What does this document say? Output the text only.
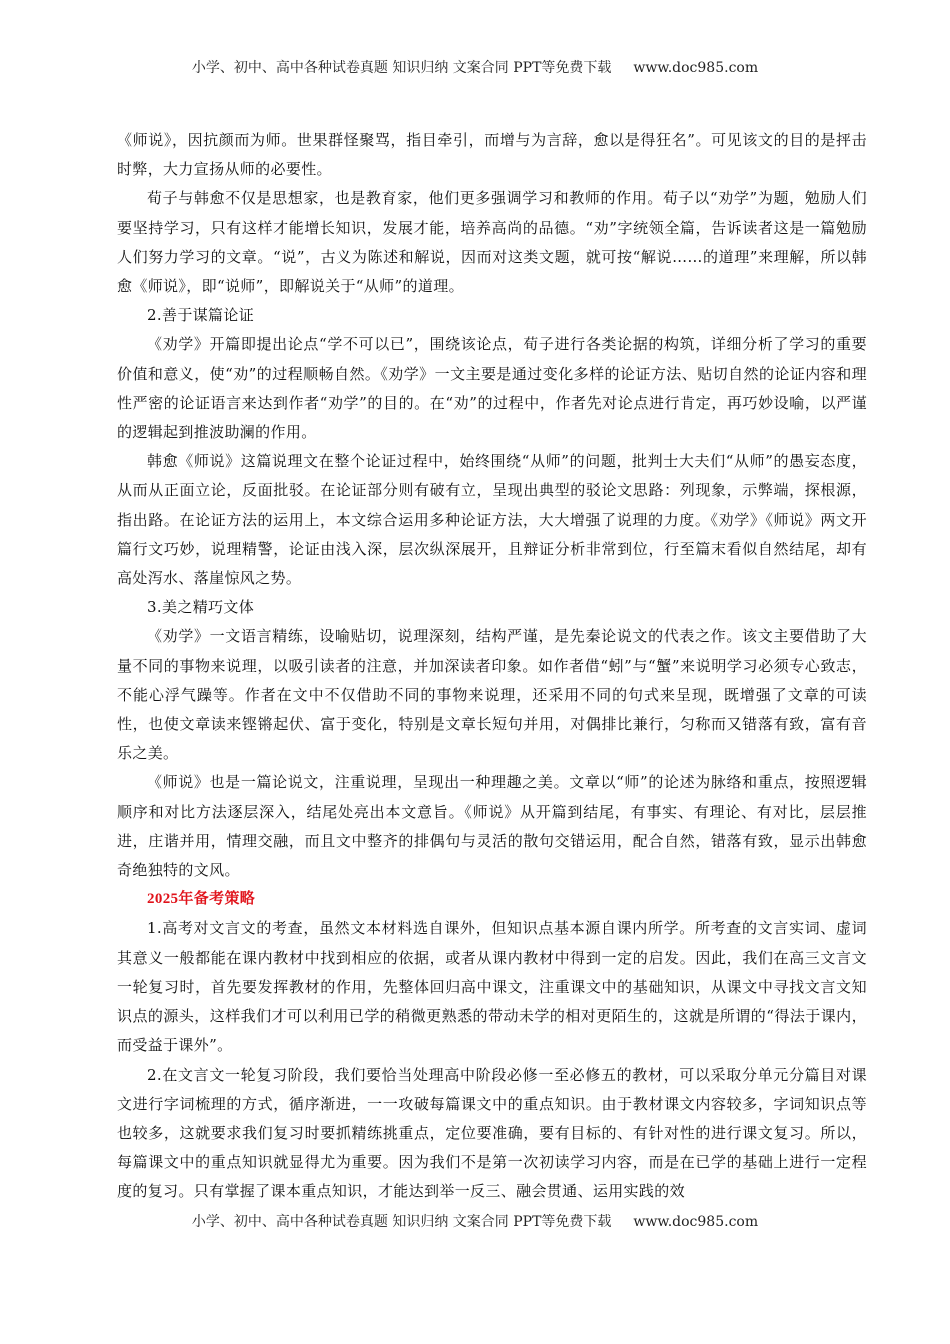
小学、初中、高中各种试卷真题 知识归纳 文案合同 PPT等免费下载 www.doc985.com

《师说》，因抗颜而为师。世果群怪聚骂，指目牵引，而增与为言辞，愈以是得狂名”。可见该文的目的是抨击时弊，大力宣扬从师的必要性。

荀子与韩愈不仅是思想家，也是教育家，他们更多强调学习和教师的作用。荀子以“劝学”为题，勉励人们要坚持学习，只有这样才能增长知识，发展才能，培养高尚的品德。“劝”字统领全篇，告诉读者这是一篇勉励人们努力学习的文章。“说”，古义为陈述和解说，因而对这类文题，就可按“解说……的道理”来理解，所以韩愈《师说》，即“说师”，即解说关于“从师”的道理。

2.善于谋篇论证

《劝学》开篇即提出论点“学不可以已”，围绕该论点，荀子进行各类论据的构筑，详细分析了学习的重要价值和意义，使“劝”的过程顺畅自然。《劝学》一文主要是通过变化多样的论证方法、贴切自然的论证内容和理性严密的论证语言来达到作者“劝学”的目的。在“劝”的过程中，作者先对论点进行肯定，再巧妙设喻，以严谨的逻辑起到推波助澜的作用。

韩愈《师说》这篇说理文在整个论证过程中，始终围绕“从师”的问题，批判士大夫们“从师”的愚妄态度，从而从正面立论，反面批驳。在论证部分则有破有立，呈现出典型的驳论文思路：列现象，示弊端，探根源，指出路。在论证方法的运用上，本文综合运用多种论证方法，大大增强了说理的力度。《劝学》《师说》两文开篇行文巧妙，说理精警，论证由浅入深，层次纵深展开，且辩证分析非常到位，行至篇末看似自然结尾，却有高处泻水、落崖惊风之势。

3.美之精巧文体

《劝学》一文语言精练，设喻贴切，说理深刻，结构严谨，是先秦论说文的代表之作。该文主要借助了大量不同的事物来说理，以吸引读者的注意，并加深读者印象。如作者借“蚓”与“蟹”来说明学习必须专心致志，不能心浮气躁等。作者在文中不仅借助不同的事物来说理，还采用不同的句式来呈现，既增强了文章的可读性，也使文章读来铿锵起伏、富于变化，特别是文章长短句并用，对偶排比兼行，匀称而又错落有致，富有音乐之美。

《师说》也是一篇论说文，注重说理，呈现出一种理趣之美。文章以“师”的论述为脉络和重点，按照逻辑顺序和对比方法逐层深入，结尾处亮出本文意旨。《师说》从开篇到结尾，有事实、有理论、有对比，层层推进，庄谐并用，情理交融，而且文中整齐的排偶句与灵活的散句交错运用，配合自然，错落有致，显示出韩愈奇绝独特的文风。

2025年备考策略

1.高考对文言文的考查，虽然文本材料选自课外，但知识点基本源自课内所学。所考查的文言实词、虚词其意义一般都能在课内教材中找到相应的依据，或者从课内教材中得到一定的启发。因此，我们在高三文言文一轮复习时，首先要发挥教材的作用，先整体回归高中课文，注重课文中的基础知识，从课文中寻找文言文知识点的源头，这样我们才可以利用已学的稍微更熟悉的带动未学的相对更陌生的，这就是所谓的“得法于课内，而受益于课外”。

2.在文言文一轮复习阶段，我们要恰当处理高中阶段必修一至必修五的教材，可以采取分单元分篇目对课文进行字词梳理的方式，循序渐进，一一攻破每篇课文中的重点知识。由于教材课文内容较多，字词知识点等也较多，这就要求我们复习时要抓精练挑重点，定位要准确，要有目标的、有针对性的进行课文复习。所以，每篇课文中的重点知识就显得尤为重要。因为我们不是第一次初读学习内容，而是在已学的基础上进行一定程度的复习。只有掌握了课本重点知识，才能达到举一反三、融会贯通、运用实践的效

小学、初中、高中各种试卷真题 知识归纳 文案合同 PPT等免费下载 www.doc985.com
